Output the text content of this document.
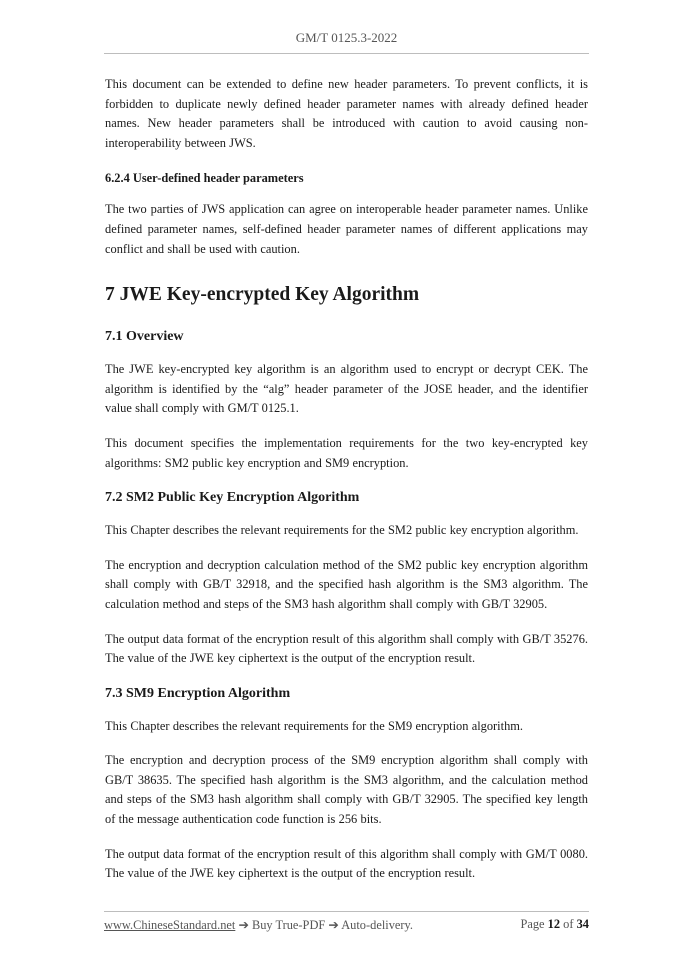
GM/T 0125.3-2022

This document can be extended to define new header parameters. To prevent conflicts, it is forbidden to duplicate newly defined header parameter names with already defined header names. New header parameters shall be introduced with caution to avoid causing non-interoperability between JWS.

6.2.4 User-defined header parameters

The two parties of JWS application can agree on interoperable header parameter names. Unlike defined parameter names, self-defined header parameter names of different applications may conflict and shall be used with caution.

7 JWE Key-encrypted Key Algorithm
7.1 Overview

The JWE key-encrypted key algorithm is an algorithm used to encrypt or decrypt CEK. The algorithm is identified by the “alg” header parameter of the JOSE header, and the identifier value shall comply with GM/T 0125.1.

This document specifies the implementation requirements for the two key-encrypted key algorithms: SM2 public key encryption and SM9 encryption.

7.2 SM2 Public Key Encryption Algorithm

This Chapter describes the relevant requirements for the SM2 public key encryption algorithm.

The encryption and decryption calculation method of the SM2 public key encryption algorithm shall comply with GB/T 32918, and the specified hash algorithm is the SM3 algorithm. The calculation method and steps of the SM3 hash algorithm shall comply with GB/T 32905.

The output data format of the encryption result of this algorithm shall comply with GB/T 35276. The value of the JWE key ciphertext is the output of the encryption result.

7.3 SM9 Encryption Algorithm

This Chapter describes the relevant requirements for the SM9 encryption algorithm.

The encryption and decryption process of the SM9 encryption algorithm shall comply with GB/T 38635. The specified hash algorithm is the SM3 algorithm, and the calculation method and steps of the SM3 hash algorithm shall comply with GB/T 32905. The specified key length of the message authentication code function is 256 bits.

The output data format of the encryption result of this algorithm shall comply with GM/T 0080. The value of the JWE key ciphertext is the output of the encryption result.

www.ChineseStandard.net ➔ Buy True-PDF ➔ Auto-delivery.	Page 12 of 34
